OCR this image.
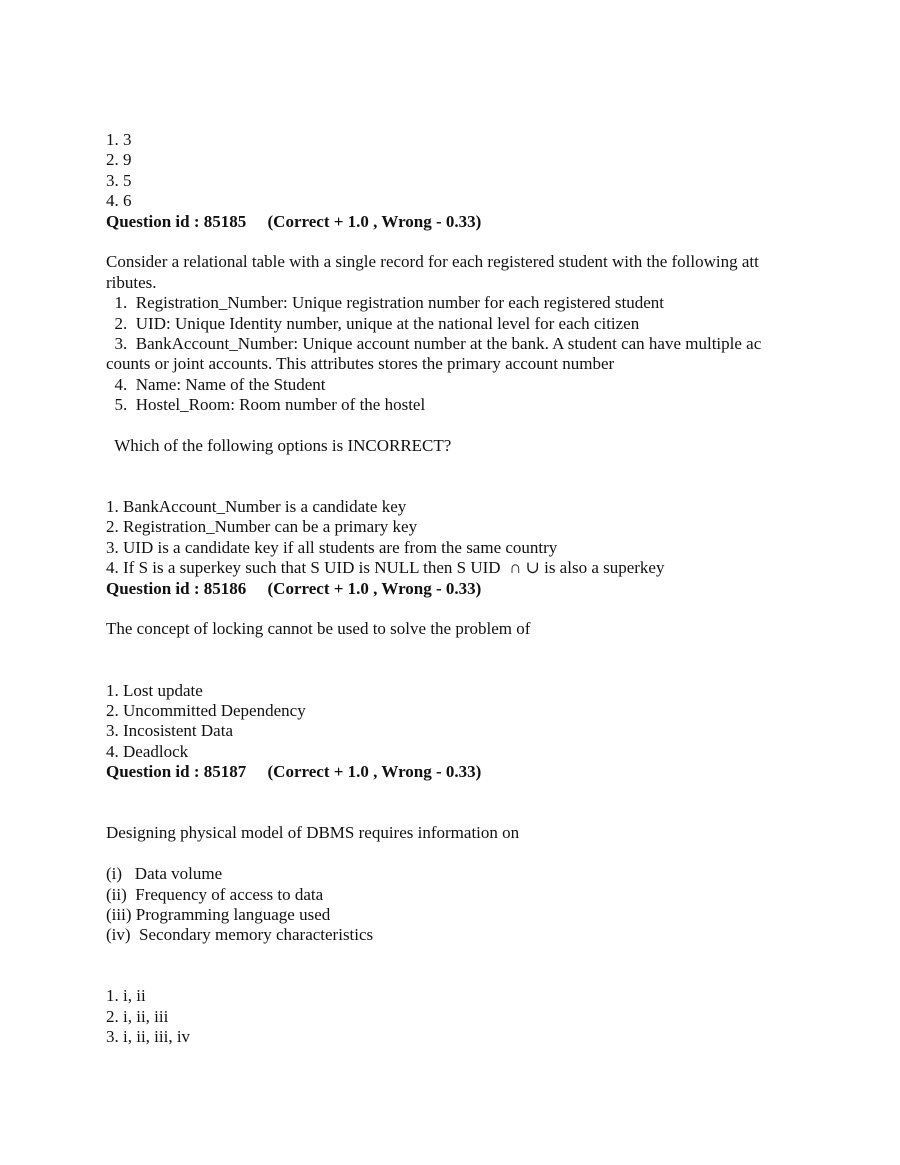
1. 3
2. 9
3. 5
4. 6
Question id : 85185     (Correct + 1.0 , Wrong - 0.33)
Consider a relational table with a single record for each registered student with the following att
ributes.
1.  Registration_Number: Unique registration number for each registered student
2.  UID: Unique Identity number, unique at the national level for each citizen
3.  BankAccount_Number: Unique account number at the bank. A student can have multiple ac
counts or joint accounts. This attributes stores the primary account number
4.  Name: Name of the Student
5.  Hostel_Room: Room number of the hostel
Which of the following options is INCORRECT?
1. BankAccount_Number is a candidate key
2. Registration_Number can be a primary key
3. UID is a candidate key if all students are from the same country
4. If S is a superkey such that S UID is NULL then S UID  ∩ ∪ is also a superkey
Question id : 85186     (Correct + 1.0 , Wrong - 0.33)
The concept of locking cannot be used to solve the problem of
1. Lost update
2. Uncommitted Dependency
3. Incosistent Data
4. Deadlock
Question id : 85187     (Correct + 1.0 , Wrong - 0.33)
Designing physical model of DBMS requires information on
(i)   Data volume
(ii)  Frequency of access to data
(iii) Programming language used
(iv)  Secondary memory characteristics
1. i, ii
2. i, ii, iii
3. i, ii, iii, iv
